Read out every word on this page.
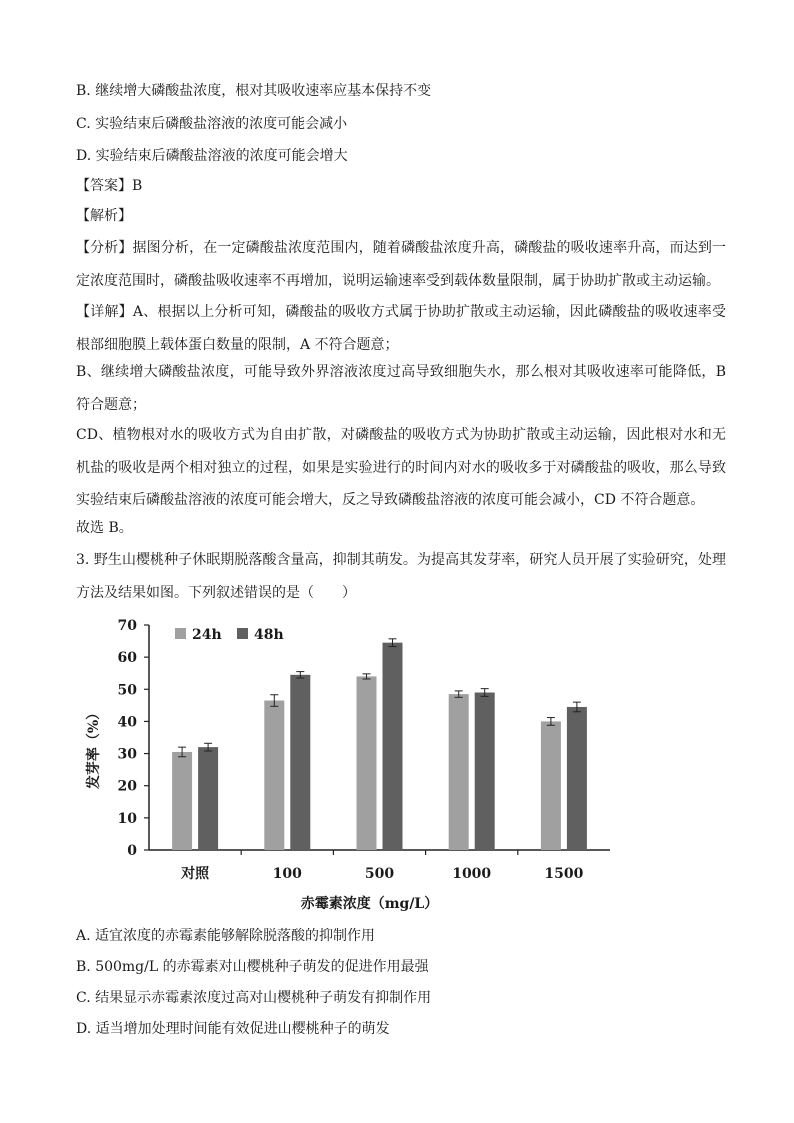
B. 继续增大磷酸盐浓度，根对其吸收速率应基本保持不变
C. 实验结束后磷酸盐溶液的浓度可能会减小
D. 实验结束后磷酸盐溶液的浓度可能会增大
【答案】B
【解析】
【分析】据图分析，在一定磷酸盐浓度范围内，随着磷酸盐浓度升高，磷酸盐的吸收速率升高，而达到一定浓度范围时，磷酸盐吸收速率不再增加，说明运输速率受到载体数量限制，属于协助扩散或主动运输。
【详解】A、根据以上分析可知，磷酸盐的吸收方式属于协助扩散或主动运输，因此磷酸盐的吸收速率受根部细胞膜上载体蛋白数量的限制，A 不符合题意；
B、继续增大磷酸盐浓度，可能导致外界溶液浓度过高导致细胞失水，那么根对其吸收速率可能降低，B 符合题意；
CD、植物根对水的吸收方式为自由扩散，对磷酸盐的吸收方式为协助扩散或主动运输，因此根对水和无机盐的吸收是两个相对独立的过程，如果是实验进行的时间内对水的吸收多于对磷酸盐的吸收，那么导致实验结束后磷酸盐溶液的浓度可能会增大，反之导致磷酸盐溶液的浓度可能会减小，CD 不符合题意。
故选 B。
3. 野生山樱桃种子休眠期脱落酸含量高，抑制其萌发。为提高其发芽率，研究人员开展了实验研究，处理方法及结果如图。下列叙述错误的是（　　）
0
10
20
30
40
50
60
70
发芽率（%）
对照	100	500	1000	1500
赤霉素浓度（mg/L）
24h 48h
A. 适宜浓度的赤霉素能够解除脱落酸的抑制作用
B. 500mg/L 的赤霉素对山樱桃种子萌发的促进作用最强
C. 结果显示赤霉素浓度过高对山樱桃种子萌发有抑制作用
D. 适当增加处理时间能有效促进山樱桃种子的萌发
